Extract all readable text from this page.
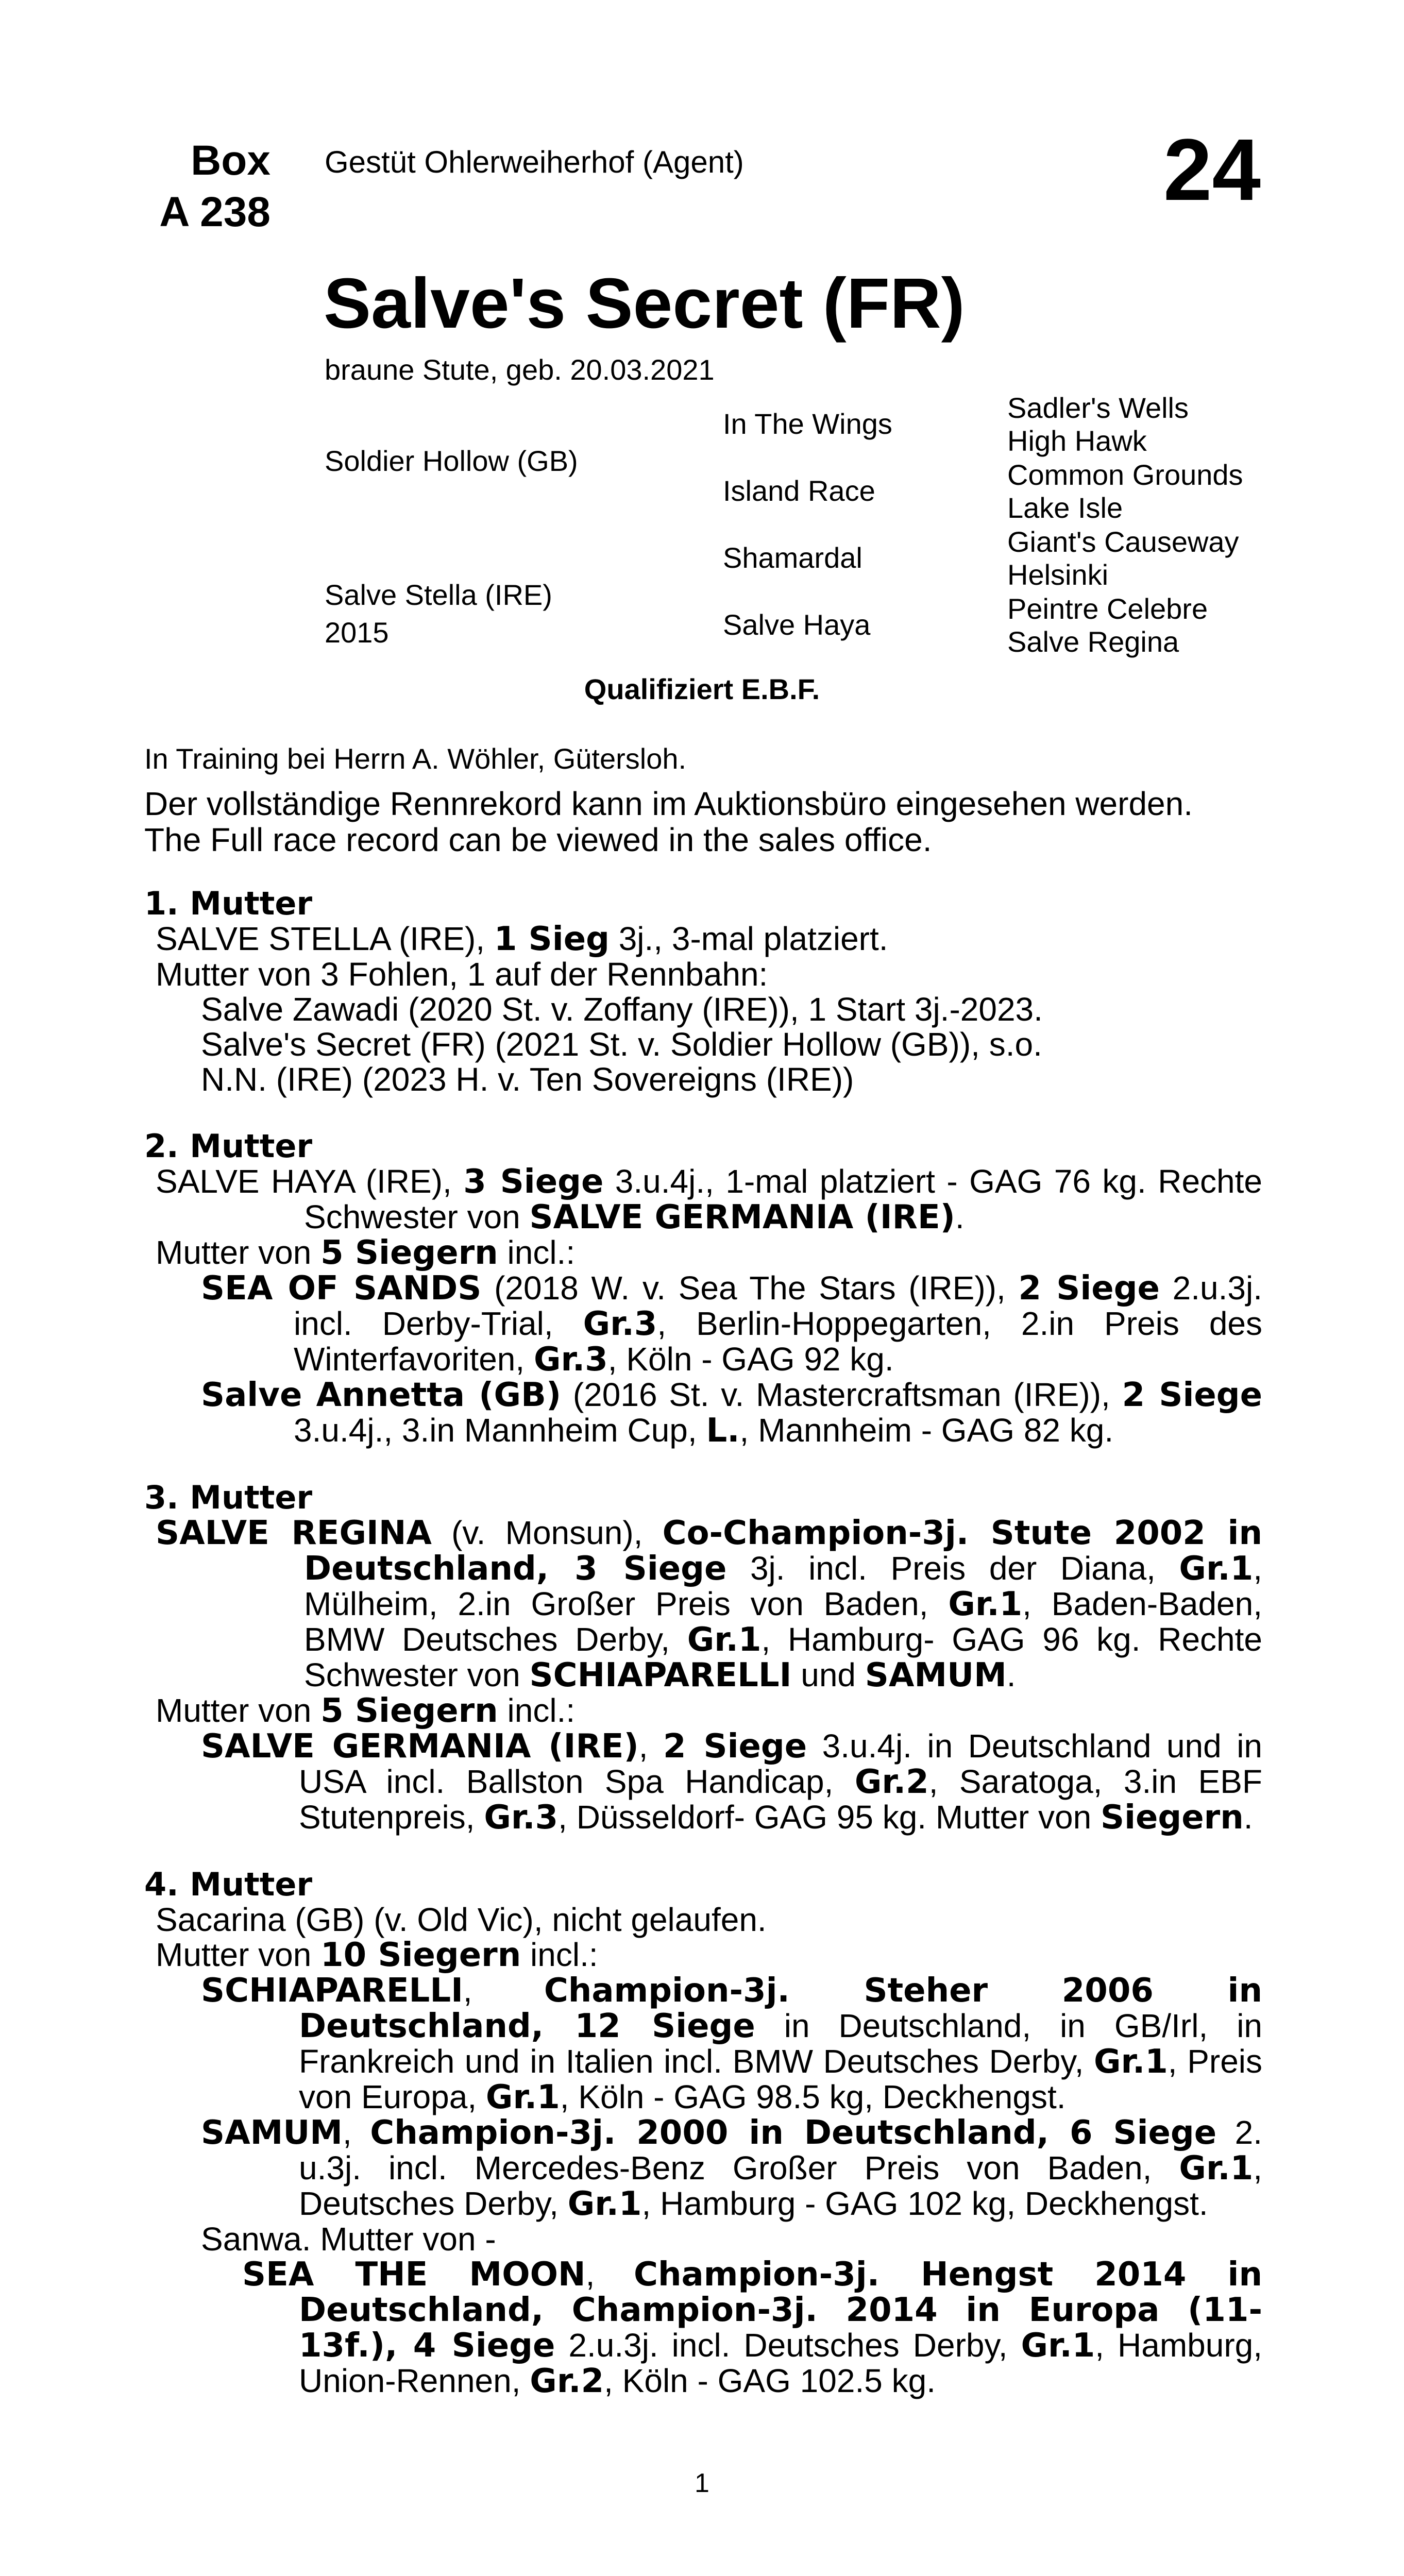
Box
A 238
Gestüt Ohlerweiherhof (Agent)	24
Salve's Secret (FR)
braune Stute, geb. 20.03.2021
Soldier Hollow (GB)
Salve Stella (IRE)
2015
In The Wings
Island Race
Shamardal
Salve Haya
Sadler's Wells
High Hawk
Common Grounds
Lake Isle
Giant's Causeway
Helsinki
Peintre Celebre
Salve Regina
Qualifiziert E.B.F.
In Training bei Herrn A. Wöhler, Gütersloh.
Der vollständige Rennrekord kann im Auktionsbüro eingesehen werden.
The Full race record can be viewed in the sales office.
1. Mutter
SALVE STELLA (IRE), 1 Sieg 3j., 3-mal platziert.
Mutter von 3 Fohlen, 1 auf der Rennbahn:
Salve Zawadi (2020 St. v. Zoffany (IRE)), 1 Start 3j.-2023.
Salve's Secret (FR) (2021 St. v. Soldier Hollow (GB)), s.o.
N.N. (IRE) (2023 H. v. Ten Sovereigns (IRE))
2. Mutter
SALVE HAYA (IRE), 3 Siege 3.u.4j., 1-mal platziert - GAG 76 kg. Rechte Schwester von SALVE GERMANIA (IRE).
Mutter von 5 Siegern incl.:
SEA OF SANDS (2018 W. v. Sea The Stars (IRE)), 2 Siege 2.u.3j. incl. Derby-Trial, Gr.3, Berlin-Hoppegarten, 2.in Preis des Winterfavoriten, Gr.3, Köln - GAG 92 kg.
Salve Annetta (GB) (2016 St. v. Mastercraftsman (IRE)), 2 Siege 3.u.4j., 3.in Mannheim Cup, L., Mannheim - GAG 82 kg.
3. Mutter
SALVE REGINA (v. Monsun), Co-Champion-3j. Stute 2002 in Deutschland, 3 Siege 3j. incl. Preis der Diana, Gr.1, Mülheim, 2.in Großer Preis von Baden, Gr.1, Baden-Baden, BMW Deutsches Derby, Gr.1, Hamburg- GAG 96 kg. Rechte Schwester von SCHIAPARELLI und SAMUM.
Mutter von 5 Siegern incl.:
SALVE GERMANIA (IRE), 2 Siege 3.u.4j. in Deutschland und in USA incl. Ballston Spa Handicap, Gr.2, Saratoga, 3.in EBF Stutenpreis, Gr.3, Düsseldorf- GAG 95 kg. Mutter von Siegern.
4. Mutter
Sacarina (GB) (v. Old Vic), nicht gelaufen.
Mutter von 10 Siegern incl.:
SCHIAPARELLI, Champion-3j. Steher 2006 in Deutschland, 12 Siege in Deutschland, in GB/Irl, in Frankreich und in Italien incl. BMW Deutsches Derby, Gr.1, Preis von Europa, Gr.1, Köln - GAG 98.5 kg, Deckhengst.
SAMUM, Champion-3j. 2000 in Deutschland, 6 Siege 2. u.3j. incl. Mercedes-Benz Großer Preis von Baden, Gr.1, Deutsches Derby, Gr.1, Hamburg - GAG 102 kg, Deckhengst.
Sanwa. Mutter von -
SEA THE MOON, Champion-3j. Hengst 2014 in Deutschland, Champion-3j. 2014 in Europa (11-13f.), 4 Siege 2.u.3j. incl. Deutsches Derby, Gr.1, Hamburg, Union-Rennen, Gr.2, Köln - GAG 102.5 kg.
1
